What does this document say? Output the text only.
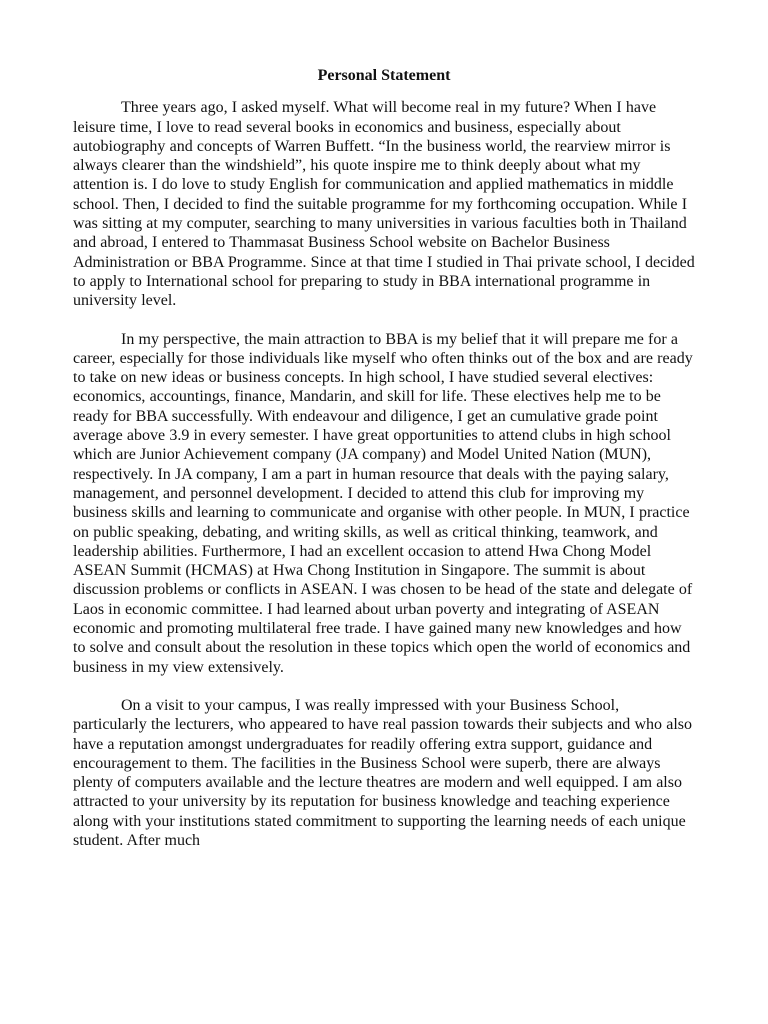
Personal Statement

Three years ago, I asked myself. What will become real in my future? When I have leisure time, I love to read several books in economics and business, especially about autobiography and concepts of Warren Buffett. “In the business world, the rearview mirror is always clearer than the windshield”, his quote inspire me to think deeply about what my attention is. I do love to study English for communication and applied mathematics in middle school. Then, I decided to find the suitable programme for my forthcoming occupation. While I was sitting at my computer, searching to many universities in various faculties both in Thailand and abroad, I entered to Thammasat Business School website on Bachelor Business Administration or BBA Programme. Since at that time I studied in Thai private school, I decided to apply to International school for preparing to study in BBA international programme in university level.

In my perspective, the main attraction to BBA is my belief that it will prepare me for a career, especially for those individuals like myself who often thinks out of the box and are ready to take on new ideas or business concepts. In high school, I have studied several electives: economics, accountings, finance, Mandarin, and skill for life. These electives help me to be ready for BBA successfully. With endeavour and diligence, I get an cumulative grade point average above 3.9 in every semester. I have great opportunities to attend clubs in high school which are Junior Achievement company (JA company) and Model United Nation (MUN), respectively. In JA company, I am a part in human resource that deals with the paying salary, management, and personnel development. I decided to attend this club for improving my business skills and learning to communicate and organise with other people. In MUN, I practice on public speaking, debating, and writing skills, as well as critical thinking, teamwork, and leadership abilities. Furthermore, I had an excellent occasion to attend Hwa Chong Model ASEAN Summit (HCMAS) at Hwa Chong Institution in Singapore. The summit is about discussion problems or conflicts in ASEAN. I was chosen to be head of the state and delegate of Laos in economic committee. I had learned about urban poverty and integrating of ASEAN economic and promoting multilateral free trade. I have gained many new knowledges and how to solve and consult about the resolution in these topics which open the world of economics and business in my view extensively.

On a visit to your campus, I was really impressed with your Business School, particularly the lecturers, who appeared to have real passion towards their subjects and who also have a reputation amongst undergraduates for readily offering extra support, guidance and encouragement to them. The facilities in the Business School were superb, there are always plenty of computers available and the lecture theatres are modern and well equipped. I am also attracted to your university by its reputation for business knowledge and teaching experience along with your institutions stated commitment to supporting the learning needs of each unique student. After much
